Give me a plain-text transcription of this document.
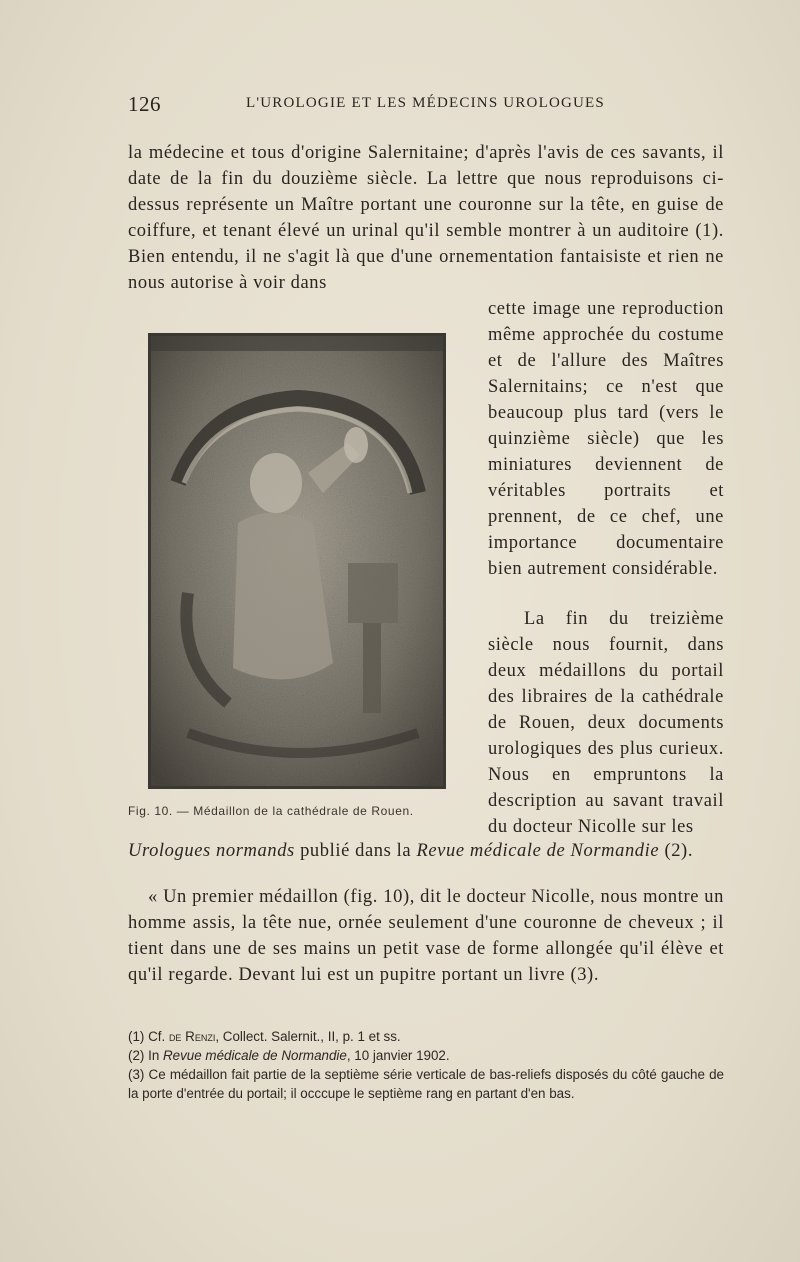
126	L'UROLOGIE ET LES MÉDECINS UROLOGUES
la médecine et tous d'origine Salernitaine; d'après l'avis de ces savants, il date de la fin du douzième siècle. La lettre que nous reproduisons ci-dessus représente un Maître portant une couronne sur la tête, en guise de coiffure, et tenant élevé un urinal qu'il semble montrer à un auditoire (1). Bien entendu, il ne s'agit là que d'une ornementation fantaisiste et rien ne nous autorise à voir dans
cette image une reproduction même approchée du costume et de l'allure des Maîtres Salernitains; ce n'est que beaucoup plus tard (vers le quinzième siècle) que les miniatures deviennent de véritables portraits et prennent, de ce chef, une importance documentaire bien autrement considérable.
Fig. 10. — Médaillon de la cathédrale de Rouen.
La fin du treizième siècle nous fournit, dans deux médaillons du portail des libraires de la cathédrale de Rouen, deux documents urologiques des plus curieux. Nous en empruntons la description au savant travail du docteur Nicolle sur les
Urologues normands publié dans la Revue médicale de Normandie (2).
« Un premier médaillon (fig. 10), dit le docteur Nicolle, nous montre un homme assis, la tête nue, ornée seulement d'une couronne de cheveux ; il tient dans une de ses mains un petit vase de forme allongée qu'il élève et qu'il regarde. Devant lui est un pupitre portant un livre (3).
(1) Cf. de Renzi, Collect. Salernit., II, p. 1 et ss.
(2) In Revue médicale de Normandie, 10 janvier 1902.
(3) Ce médaillon fait partie de la septième série verticale de bas-reliefs disposés du côté gauche de la porte d'entrée du portail; il occcupe le septième rang en partant d'en bas.
